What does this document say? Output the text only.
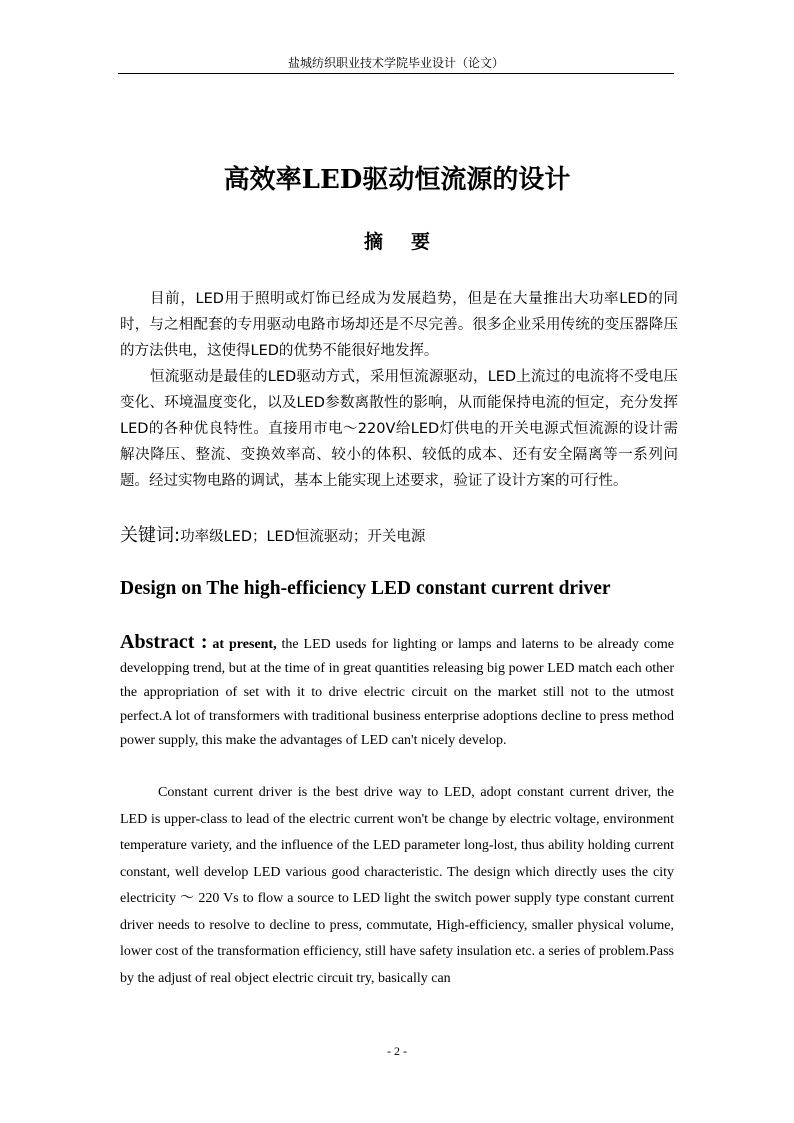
盐城纺织职业技术学院毕业设计（论文）
高效率LED驱动恒流源的设计
摘要
目前，LED用于照明或灯饰已经成为发展趋势，但是在大量推出大功率LED的同时，与之相配套的专用驱动电路市场却还是不尽完善。很多企业采用传统的变压器降压的方法供电，这使得LED的优势不能很好地发挥。
恒流驱动是最佳的LED驱动方式，采用恒流源驱动，LED上流过的电流将不受电压变化、环境温度变化，以及LED参数离散性的影响，从而能保持电流的恒定，充分发挥LED的各种优良特性。直接用市电～220V给LED灯供电的开关电源式恒流源的设计需解决降压、整流、变换效率高、较小的体积、较低的成本、还有安全隔离等一系列问题。经过实物电路的调试，基本上能实现上述要求，验证了设计方案的可行性。
关键词:功率级LED；LED恒流驱动；开关电源
Design on The high-efficiency LED constant current driver
Abstract : at present, the LED useds for lighting or lamps and laterns to be already come developping trend, but at the time of in great quantities releasing big power LED match each other the appropriation of set with it to drive electric circuit on the market still not to the utmost perfect.A lot of transformers with traditional business enterprise adoptions decline to press method power supply, this make the advantages of LED can't nicely develop.
Constant current driver is the best drive way to LED, adopt constant current driver, the LED is upper-class to lead of the electric current won't be change by electric voltage, environment temperature variety, and the influence of the LED parameter long-lost, thus ability holding current constant, well develop LED various good characteristic. The design which directly uses the city electricity ～ 220 Vs to flow a source to LED light the switch power supply type constant current driver needs to resolve to decline to press, commutate, High-efficiency, smaller physical volume, lower cost of the transformation efficiency, still have safety insulation etc. a series of problem.Pass by the adjust of real object electric circuit try, basically can
- 2 -
